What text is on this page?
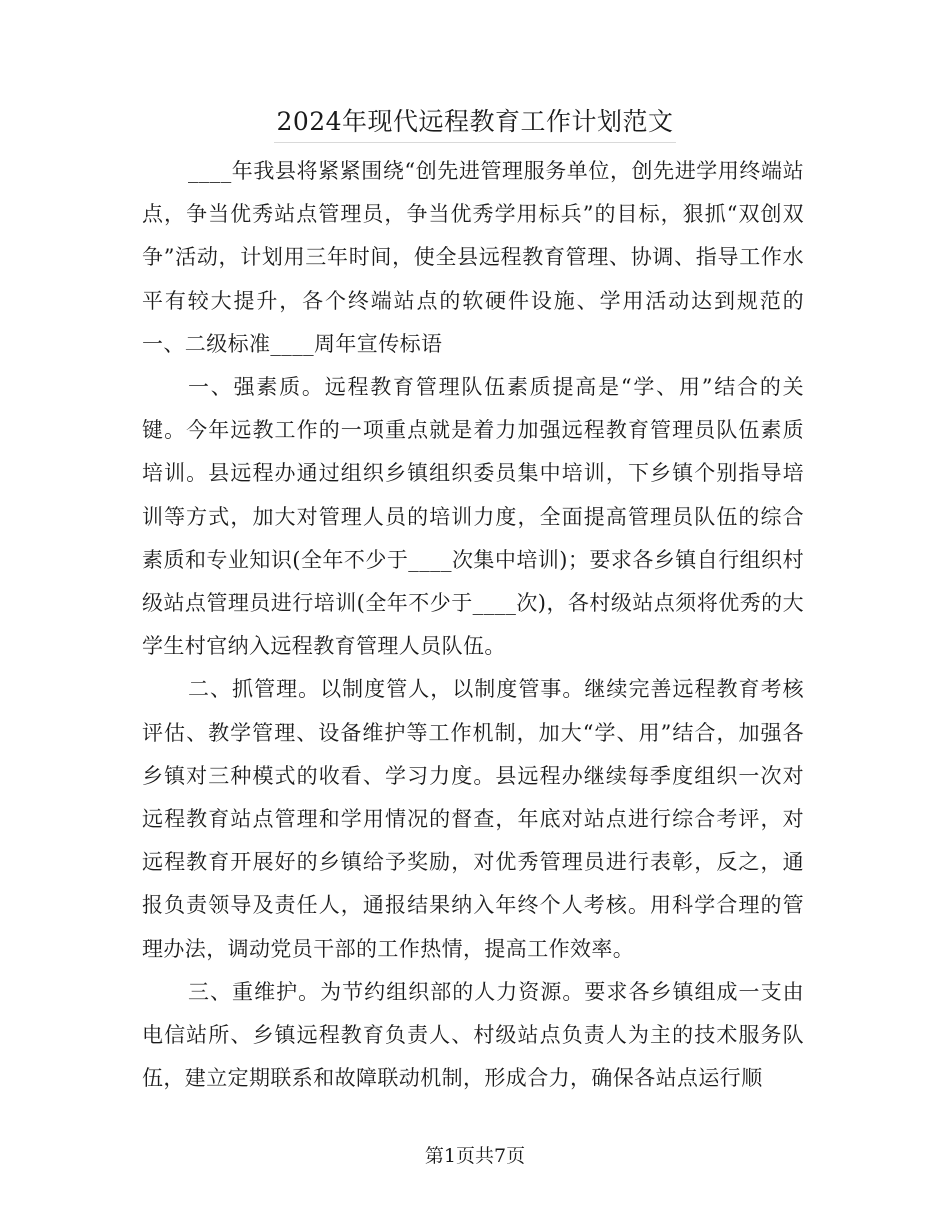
2024年现代远程教育工作计划范文

____年我县将紧紧围绕“创先进管理服务单位，创先进学用终端站点，争当优秀站点管理员，争当优秀学用标兵”的目标，狠抓“双创双争”活动，计划用三年时间，使全县远程教育管理、协调、指导工作水平有较大提升，各个终端站点的软硬件设施、学用活动达到规范的一、二级标准____周年宣传标语

一、强素质。远程教育管理队伍素质提高是“学、用”结合的关键。今年远教工作的一项重点就是着力加强远程教育管理员队伍素质培训。县远程办通过组织乡镇组织委员集中培训，下乡镇个别指导培训等方式，加大对管理人员的培训力度，全面提高管理员队伍的综合素质和专业知识(全年不少于____次集中培训)；要求各乡镇自行组织村级站点管理员进行培训(全年不少于____次)，各村级站点须将优秀的大学生村官纳入远程教育管理人员队伍。

二、抓管理。以制度管人，以制度管事。继续完善远程教育考核评估、教学管理、设备维护等工作机制，加大“学、用”结合，加强各乡镇对三种模式的收看、学习力度。县远程办继续每季度组织一次对远程教育站点管理和学用情况的督查，年底对站点进行综合考评，对远程教育开展好的乡镇给予奖励，对优秀管理员进行表彰，反之，通报负责领导及责任人，通报结果纳入年终个人考核。用科学合理的管理办法，调动党员干部的工作热情，提高工作效率。

三、重维护。为节约组织部的人力资源。要求各乡镇组成一支由电信站所、乡镇远程教育负责人、村级站点负责人为主的技术服务队伍，建立定期联系和故障联动机制，形成合力，确保各站点运行顺

第1页共7页
